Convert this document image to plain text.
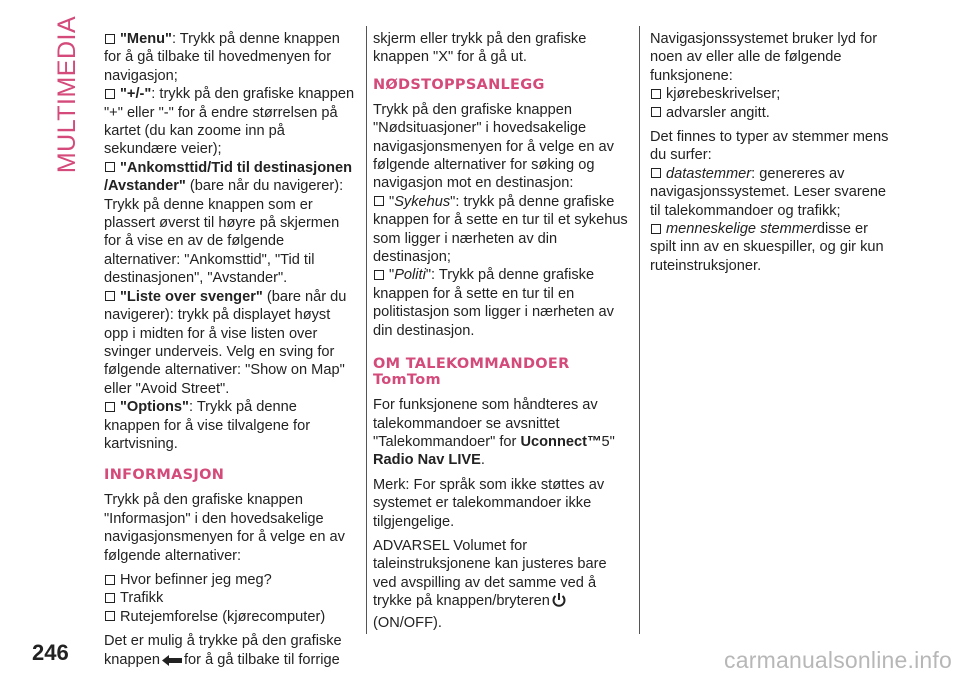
MULTIMEDIA	"Menu": Trykk på denne knappen for å gå tilbake til hovedmenyen for navigasjon;
"+/-": trykk på den grafiske knappen "+" eller "-" for å endre størrelsen på kartet (du kan zoome inn på sekundære veier);
"Ankomsttid/Tid til destinasjonen /Avstander" (bare når du navigerer): Trykk på denne knappen som er plassert øverst til høyre på skjermen for å vise en av de følgende alternativer: "Ankomsttid", "Tid til destinasjonen", "Avstander".
"Liste over svenger" (bare når du navigerer): trykk på displayet høyst opp i midten for å vise listen over svinger underveis. Velg en sving for følgende alternativer: "Show on Map" eller "Avoid Street".
"Options": Trykk på denne knappen for å vise tilvalgene for kartvisning.
INFORMASJON

Trykk på den grafiske knappen "Informasjon" i den hovedsakelige navigasjonsmenyen for å velge en av følgende alternativer:

Hvor befinner jeg meg?
Trafikk
Rutejemforelse (kjørecomputer)

Det er mulig å trykke på den grafiske knappen for å gå tilbake til forrige

skjerm eller trykk på den grafiske knappen "X" for å gå ut.

NØDSTOPPSANLEGG

Trykk på den grafiske knappen "Nødsituasjoner" i hovedsakelige navigasjonsmenyen for å velge en av følgende alternativer for søking og navigasjon mot en destinasjon:

"Sykehus": trykk på denne grafiske knappen for å sette en tur til et sykehus som ligger i nærheten av din destinasjon;
"Politi": Trykk på denne grafiske knappen for å sette en tur til en politistasjon som ligger i nærheten av din destinasjon.
OM TALEKOMMANDOER
TomTom

For funksjonene som håndteres av talekommandoer se avsnittet "Talekommandoer" for Uconnect™5" Radio Nav LIVE.

Merk: For språk som ikke støttes av systemet er talekommandoer ikke tilgjengelige.

ADVARSEL Volumet for taleinstruksjonene kan justeres bare ved avspilling av det samme ved å trykke på knappen/bryteren(ON/OFF).

Navigasjonssystemet bruker lyd for noen av eller alle de følgende funksjonene:

kjørebeskrivelser;
advarsler angitt.

Det finnes to typer av stemmer mens du surfer:

datastemmer: genereres av navigasjonssystemet. Leser svarene til talekommandoer og trafikk;
menneskelige stemmerdisse er spilt inn av en skuespiller, og gir kun ruteinstruksjoner.
246	carmanualsonline.info
